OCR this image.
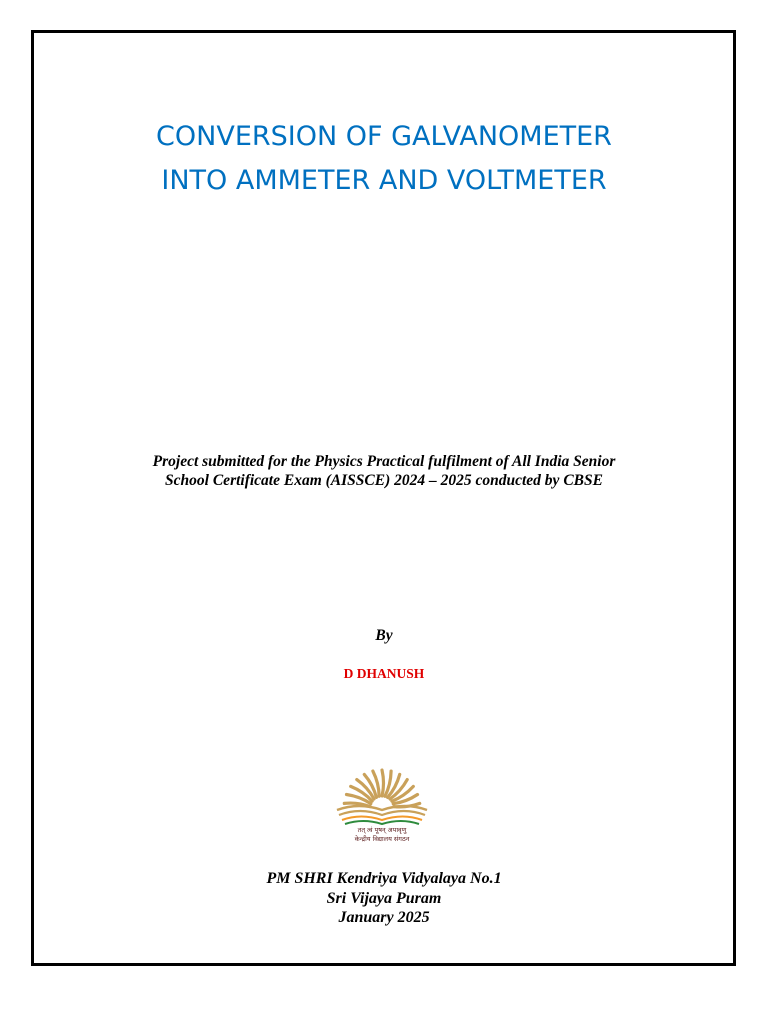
CONVERSION OF GALVANOMETER
INTO AMMETER AND VOLTMETER
Project submitted for the Physics Practical fulfilment of All India Senior
School Certificate Exam (AISSCE) 2024 – 2025 conducted by CBSE
By
D DHANUSH
तत् त्वं पूषन् अपावृणु
केन्द्रीय विद्यालय संगठन
PM SHRI Kendriya Vidyalaya No.1
Sri Vijaya Puram
January 2025
